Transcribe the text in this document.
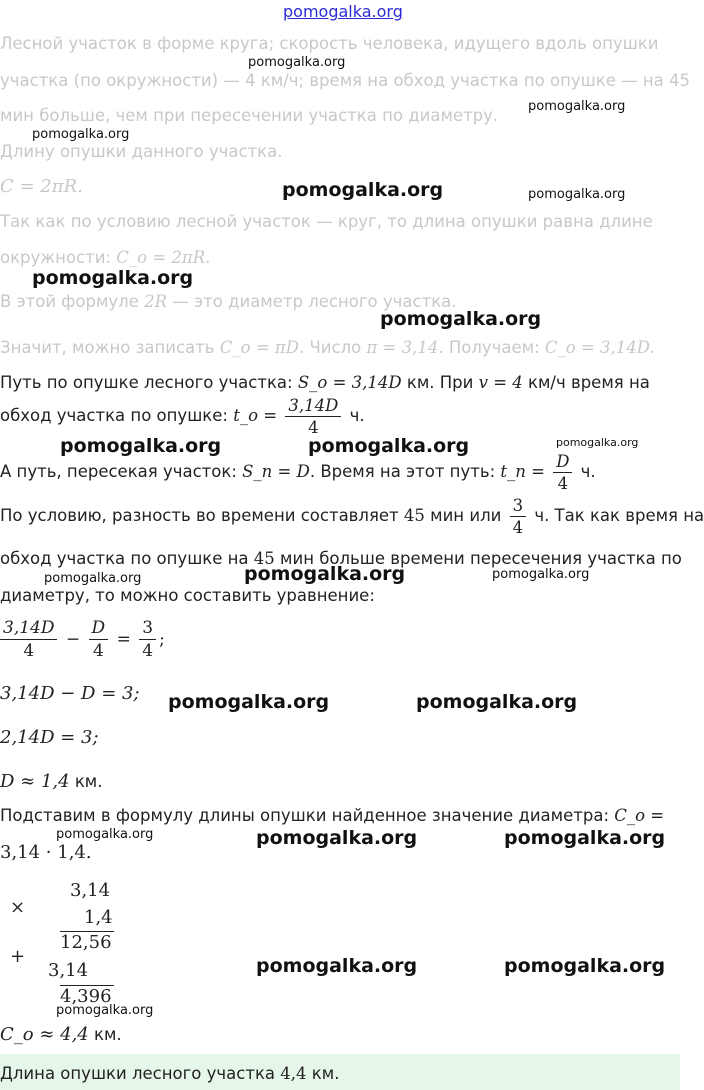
pomogalka.org
Лесной участок в форме круга; скорость человека, идущего вдоль опушки
участка (по окружности) — 4 км/ч; время на обход участка по опушке — на 45
мин больше, чем при пересечении участка по диаметру.
Длину опушки данного участка.
C = 2πR.
Так как по условию лесной участок — круг, то длина опушки равна длине
окружности: C_o = 2πR.
В этой формуле 2R — это диаметр лесного участка.
Значит, можно записать C_o = πD. Число π = 3,14. Получаем: C_o = 3,14D.
Путь по опушке лесного участка: S_o = 3,14D км. При v = 4 км/ч время на
обход участка по опушке: t_o = $\frac{3,14D}{4} ч$.
А путь, пересекая участок: S_n = D. Время на этот путь: t_n = $\frac{D}{4} ч$.
По условию, разность во времени составляет 45 мин или $\frac{3}{4} ч$. Так как время на
обход участка по опушке на 45 мин больше времени пересечения участка по
диаметру, то можно составить уравнение:
$\frac{3,14D}{4} - \frac{D}{4} = \frac{3}{4}$ ;
3,14D − D = 3;
2,14D = 3;
D ≈ 1,4 км.
Подставим в формулу длины опушки найденное значение диаметра: C_o =
3,14 · 1,4.
×
3,14
1,4
12,56
+
3,14
4,396
C_o ≈ 4,4 км.
Длина опушки лесного участка 4,4 км.
pomogalka.org
pomogalka.org
pomogalka.org
pomogalka.org	pomogalka.org
pomogalka.org
pomogalka.org
pomogalka.org	pomogalka.org	pomogalka.org
pomogalka.org	pomogalka.org	pomogalka.org
pomogalka.org	pomogalka.org
pomogalka.org	pomogalka.org	pomogalka.org
pomogalka.org	pomogalka.org
pomogalka.org
